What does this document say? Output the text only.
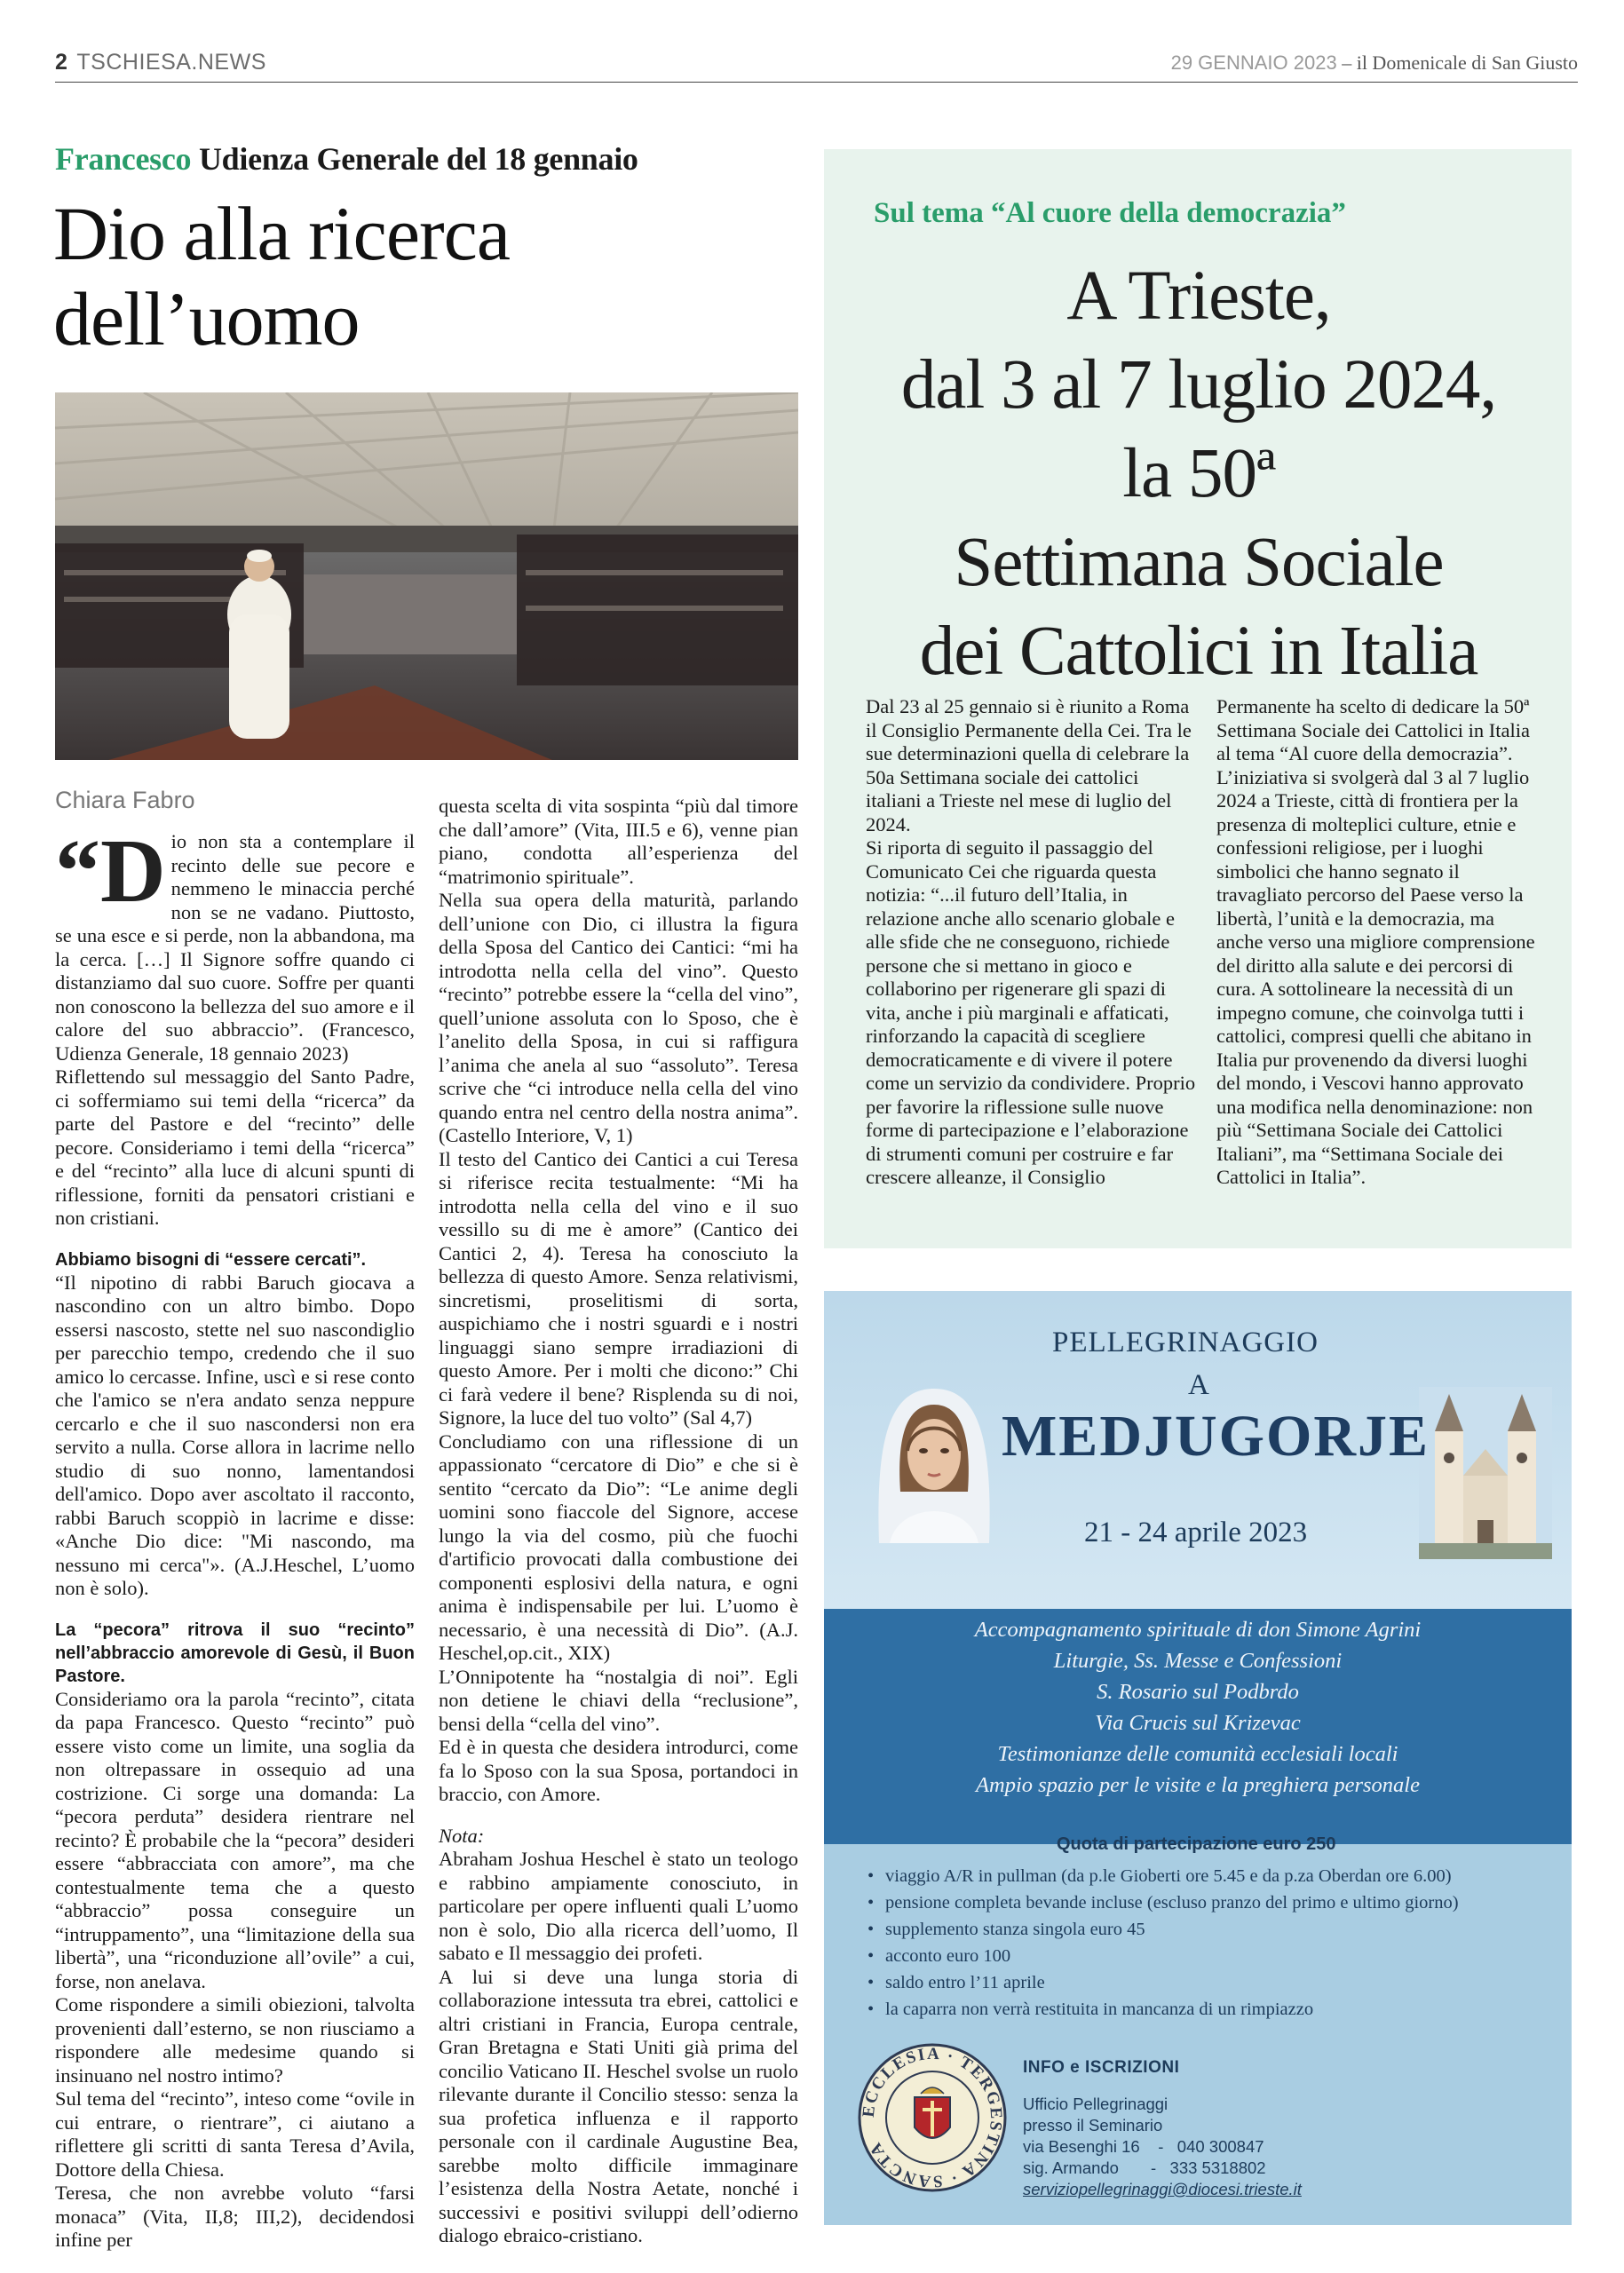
2 TSCHIESA.NEWS	29 GENNAIO 2023 – il Domenicale di San Giusto
Francesco Udienza Generale del 18 gennaio
Dio alla ricerca
dell’uomo
Chiara Fabro

“Dio non sta a contemplare il recinto delle sue pecore e nemmeno le minaccia perché non se ne vadano. Piuttosto, se una esce e si perde, non la abbandona, ma la cerca. […] Il Signore soffre quando ci distanziamo dal suo cuore. Soffre per quanti non conoscono la bellezza del suo amore e il calore del suo abbraccio”. (Francesco, Udienza Generale, 18 gennaio 2023)

Riflettendo sul messaggio del Santo Padre, ci soffermiamo sui temi della “ricerca” da parte del Pastore e del “recinto” delle pecore. Consideriamo i temi della “ricerca” e del “recinto” alla luce di alcuni spunti di riflessione, forniti da pensatori cristiani e non cristiani.

Abbiamo bisogni di “essere cercati”.

“Il nipotino di rabbi Baruch giocava a nascondino con un altro bimbo. Dopo essersi nascosto, stette nel suo nascondiglio per parecchio tempo, credendo che il suo amico lo cercasse. Infine, uscì e si rese conto che l'amico se n'era andato senza neppure cercarlo e che il suo nascondersi non era servito a nulla. Corse allora in lacrime nello studio di suo nonno, lamentandosi dell'amico. Dopo aver ascoltato il racconto, rabbi Baruch scoppiò in lacrime e disse: «Anche Dio dice: "Mi nascondo, ma nessuno mi cerca"». (A.J.Heschel, L’uomo non è solo).

La “pecora” ritrova il suo “recinto” nell’abbraccio amorevole di Gesù, il Buon Pastore.

Consideriamo ora la parola “recinto”, citata da papa Francesco. Questo “recinto” può essere visto come un limite, una soglia da non oltrepassare in ossequio ad una costrizione. Ci sorge una domanda: La “pecora perduta” desidera rientrare nel recinto? È probabile che la “pecora” desideri essere “abbracciata con amore”, ma che contestualmente tema che a questo “abbraccio” possa conseguire un “intruppamento”, una “limitazione della sua libertà”, una “riconduzione all’ovile” a cui, forse, non anelava.

Come rispondere a simili obiezioni, talvolta provenienti dall’esterno, se non riusciamo a rispondere alle medesime quando si insinuano nel nostro intimo?

Sul tema del “recinto”, inteso come “ovile in cui entrare, o rientrare”, ci aiutano a riflettere gli scritti di santa Teresa d’Avila, Dottore della Chiesa.

Teresa, che non avrebbe voluto “farsi monaca” (Vita, II,8; III,2), decidendosi infine per

questa scelta di vita sospinta “più dal timore che dall’amore” (Vita, III.5 e 6), venne pian piano, condotta all’esperienza del “matrimonio spirituale”.

Nella sua opera della maturità, parlando dell’unione con Dio, ci illustra la figura della Sposa del Cantico dei Cantici: “mi ha introdotta nella cella del vino”. Questo “recinto” potrebbe essere la “cella del vino”, quell’unione assoluta con lo Sposo, che è l’anelito della Sposa, in cui si raffigura l’anima che anela al suo “assoluto”. Teresa scrive che “ci introduce nella cella del vino quando entra nel centro della nostra anima”. (Castello Interiore, V, 1)

Il testo del Cantico dei Cantici a cui Teresa si riferisce recita testualmente: “Mi ha introdotta nella cella del vino e il suo vessillo su di me è amore” (Cantico dei Cantici 2, 4). Teresa ha conosciuto la bellezza di questo Amore. Senza relativismi, sincretismi, proselitismi di sorta, auspichiamo che i nostri sguardi e i nostri linguaggi siano sempre irradiazioni di questo Amore. Per i molti che dicono:” Chi ci farà vedere il bene? Risplenda su di noi, Signore, la luce del tuo volto” (Sal 4,7)

Concludiamo con una riflessione di un appassionato “cercatore di Dio” e che si è sentito “cercato da Dio”: “Le anime degli uomini sono fiaccole del Signore, accese lungo la via del cosmo, più che fuochi d'artificio provocati dalla combustione dei componenti esplosivi della natura, e ogni anima è indispensabile per lui. L’uomo è necessario, è una necessità di Dio”. (A.J. Heschel,op.cit., XIX)

L’Onnipotente ha “nostalgia di noi”. Egli non detiene le chiavi della “reclusione”, bensi della “cella del vino”.

Ed è in questa che desidera introdurci, come fa lo Sposo con la sua Sposa, portandoci in braccio, con Amore.

Nota:

Abraham Joshua Heschel è stato un teologo e rabbino ampiamente conosciuto, in particolare per opere influenti quali L’uomo non è solo, Dio alla ricerca dell’uomo, Il sabato e Il messaggio dei profeti.

A lui si deve una lunga storia di collaborazione intessuta tra ebrei, cattolici e altri cristiani in Francia, Europa centrale, Gran Bretagna e Stati Uniti già prima del concilio Vaticano II. Heschel svolse un ruolo rilevante durante il Concilio stesso: senza la sua profetica influenza e il rapporto personale con il cardinale Augustine Bea, sarebbe molto difficile immaginare l’esistenza della Nostra Aetate, nonché i successivi e positivi sviluppi dell’odierno dialogo ebraico-cristiano.

Sul tema “Al cuore della democrazia”
A Trieste,
dal 3 al 7 luglio 2024,
la 50ª
Settimana Sociale
dei Cattolici in Italia

Dal 23 al 25 gennaio si è riunito a Roma il Consiglio Permanente della Cei. Tra le sue determinazioni quella di celebrare la 50a Settimana sociale dei cattolici italiani a Trieste nel mese di luglio del 2024.

Si riporta di seguito il passaggio del Comunicato Cei che riguarda questa notizia: “...il futuro dell’Italia, in relazione anche allo scenario globale e alle sfide che ne conseguono, richiede persone che si mettano in gioco e collaborino per rigenerare gli spazi di vita, anche i più marginali e affaticati, rinforzando la capacità di scegliere democraticamente e di vivere il potere come un servizio da condividere. Proprio per favorire la riflessione sulle nuove forme di partecipazione e l’elaborazione di strumenti comuni per costruire e far crescere alleanze, il Consiglio

Permanente ha scelto di dedicare la 50ª Settimana Sociale dei Cattolici in Italia al tema “Al cuore della democrazia”. L’iniziativa si svolgerà dal 3 al 7 luglio 2024 a Trieste, città di frontiera per la presenza di molteplici culture, etnie e confessioni religiose, per i luoghi simbolici che hanno segnato il travagliato percorso del Paese verso la libertà, l’unità e la democrazia, ma anche verso una migliore comprensione del diritto alla salute e dei percorsi di cura. A sottolineare la necessità di un impegno comune, che coinvolga tutti i cattolici, compresi quelli che abitano in Italia pur provenendo da diversi luoghi del mondo, i Vescovi hanno approvato una modifica nella denominazione: non più “Settimana Sociale dei Cattolici Italiani”, ma “Settimana Sociale dei Cattolici in Italia”.

PELLEGRINAGGIO
A
MEDJUGORJE
21 - 24 aprile 2023
Accompagnamento spirituale di don Simone Agrini
Liturgie, Ss. Messe e Confessioni
S. Rosario sul Podbrdo
Via Crucis sul Krizevac
Testimonianze delle comunità ecclesiali locali
Ampio spazio per le visite e la preghiera personale
Quota di partecipazione euro 250
• viaggio A/R in pullman (da p.le Gioberti ore 5.45 e da p.za Oberdan ore 6.00)
• pensione completa bevande incluse (escluso pranzo del primo e ultimo giorno)
• supplemento stanza singola euro 45
• acconto euro 100
• saldo entro l’11 aprile
• la caparra non verrà restituita in mancanza di un rimpiazzo
ECCLESIA · TERGESTINA · SANCTA
INFO e ISCRIZIONI
Ufficio Pellegrinaggi
presso il Seminario
via Besenghi 16    -   040 300847
sig. Armando       -   333 5318802
serviziopellegrinaggi@diocesi.trieste.it
